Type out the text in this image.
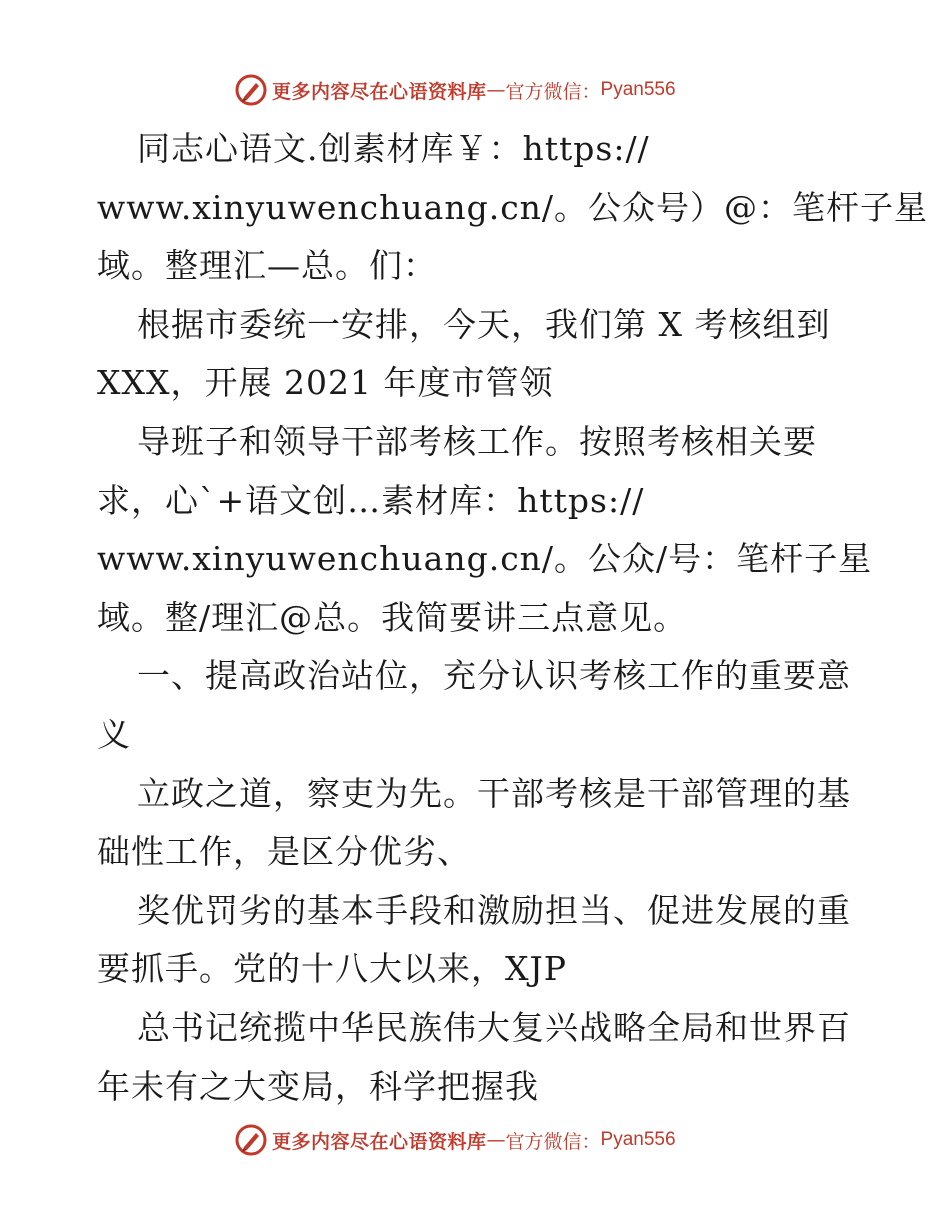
更多内容尽在心语资料库 — 官方微信： Pyan556
同志心语文.创素材库￥：https://
www.xinyuwenchuang.cn/。公众号）@：笔杆子星
域。整理汇—总。们：
根据市委统一安排，今天，我们第 X 考核组到
XXX，开展 2021 年度市管领
导班子和领导干部考核工作。按照考核相关要
求，心`+语文创…素材库：https://
www.xinyuwenchuang.cn/。公众/号：笔杆子星
域。整/理汇@总。我简要讲三点意见。
一、提高政治站位，充分认识考核工作的重要意
义
立政之道，察吏为先。干部考核是干部管理的基
础性工作，是区分优劣、
奖优罚劣的基本手段和激励担当、促进发展的重
要抓手。党的十八大以来，XJP
总书记统揽中华民族伟大复兴战略全局和世界百
年未有之大变局，科学把握我
更多内容尽在心语资料库 — 官方微信： Pyan556
